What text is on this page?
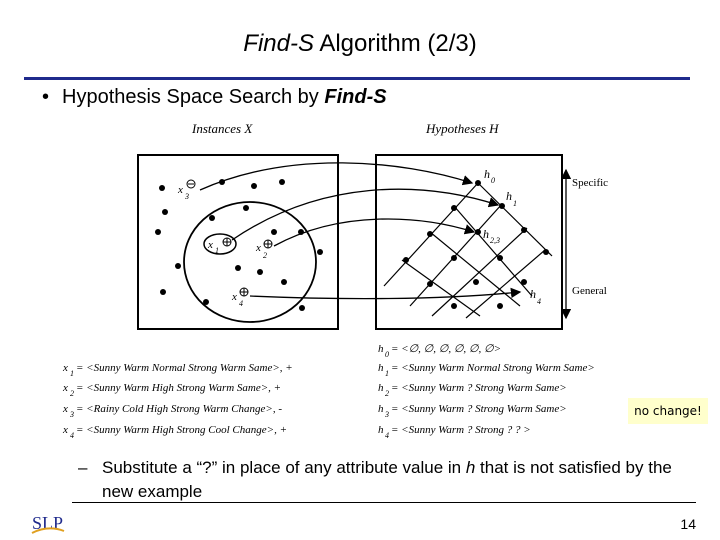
Find-S Algorithm (2/3)
• Hypothesis Space Search by Find-S
Instances X	Hypotheses H
x
3
x 1	x
2
x
4
h 0
h
1
h 2,3
h
4
Specific
General
x 1 = <Sunny Warm Normal Strong Warm Same>, +
x 2 = <Sunny Warm High Strong Warm Same>, +
x 3 = <Rainy Cold High Strong Warm Change>, -
x 4 = <Sunny Warm High Strong Cool Change>, +
h 0 = <∅, ∅, ∅, ∅, ∅, ∅>
h 1 = <Sunny Warm Normal Strong Warm Same>
h 2 = <Sunny Warm ? Strong Warm Same>
h 3 = <Sunny Warm ? Strong Warm Same>
h 4 = <Sunny Warm ? Strong ? ? >
no change!
– Substitute a “?” in place of any attribute value in h that is not satisfied by the new example
SLP	14
